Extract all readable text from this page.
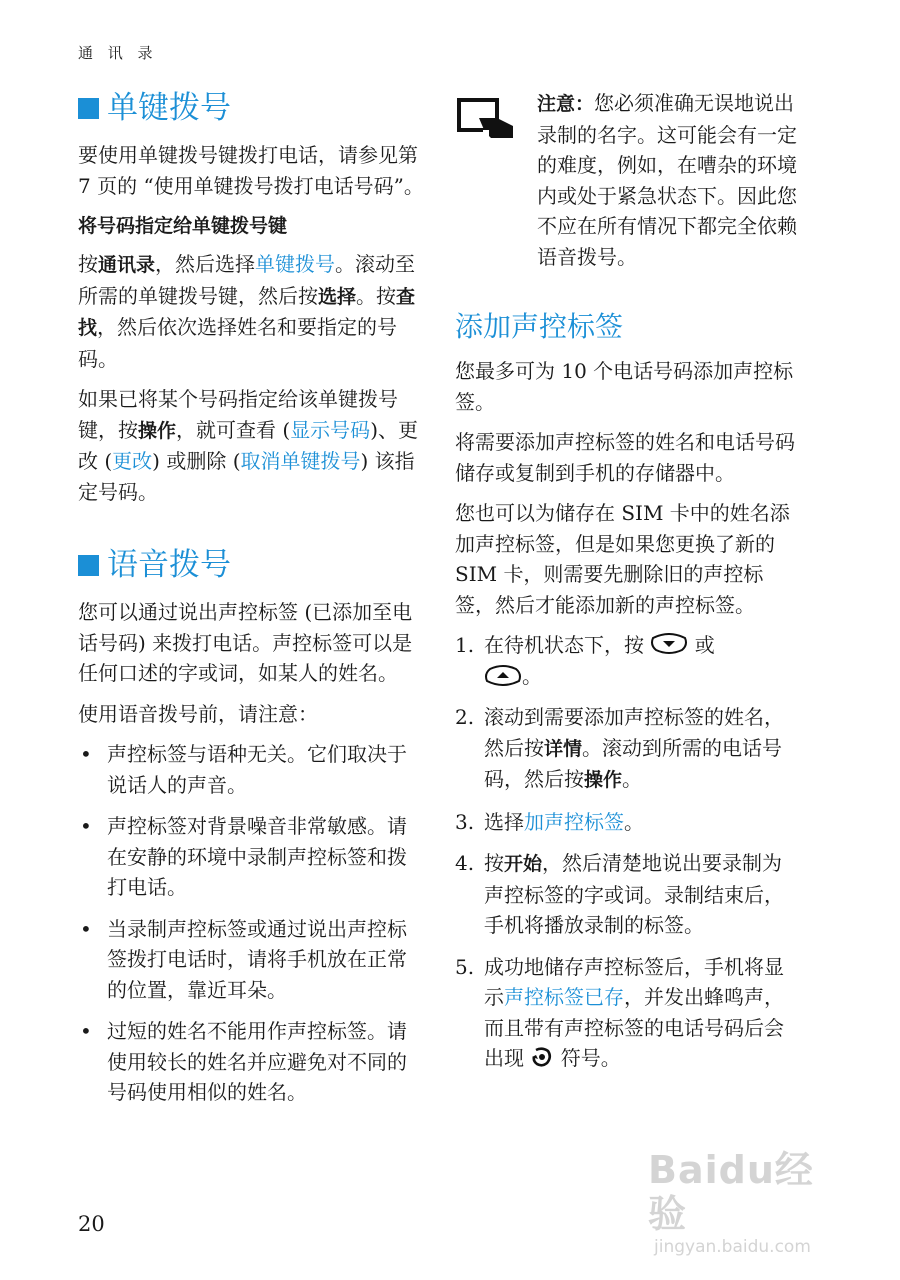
通 讯 录
单键拨号

要使用单键拨号键拨打电话，请参见第 7 页的 “使用单键拨号拨打电话号码”。

将号码指定给单键拨号键

按通讯录，然后选择单键拨号。滚动至所需的单键拨号键，然后按选择。按查找，然后依次选择姓名和要指定的号码。

如果已将某个号码指定给该单键拨号键，按操作，就可查看 (显示号码)、更改 (更改) 或删除 (取消单键拨号) 该指定号码。

语音拨号

您可以通过说出声控标签 (已添加至电话号码) 来拨打电话。声控标签可以是任何口述的字或词，如某人的姓名。

使用语音拨号前，请注意：

• 声控标签与语种无关。它们取决于说话人的声音。
• 声控标签对背景噪音非常敏感。请在安静的环境中录制声控标签和拨打电话。
• 当录制声控标签或通过说出声控标签拨打电话时，请将手机放在正常的位置，靠近耳朵。
• 过短的姓名不能用作声控标签。请使用较长的姓名并应避免对不同的号码使用相似的姓名。

注意：您必须准确无误地说出录制的名字。这可能会有一定的难度，例如，在嘈杂的环境内或处于紧急状态下。因此您不应在所有情况下都完全依赖语音拨号。

添加声控标签

您最多可为 10 个电话号码添加声控标签。

将需要添加声控标签的姓名和电话号码储存或复制到手机的存储器中。

您也可以为储存在 SIM 卡中的姓名添加声控标签，但是如果您更换了新的 SIM 卡，则需要先删除旧的声控标签，然后才能添加新的声控标签。

1. 在待机状态下，按	或
。
2. 滚动到需要添加声控标签的姓名，然后按详情。滚动到所需的电话号码，然后按操作。
3. 选择加声控标签。
4. 按开始，然后清楚地说出要录制为声控标签的字或词。录制结束后，手机将播放录制的标签。
5. 成功地储存声控标签后，手机将显示声控标签已存，并发出蜂鸣声，而且带有声控标签的电话号码后会出现 符号。
20
Baidu经验
jingyan.baidu.com
